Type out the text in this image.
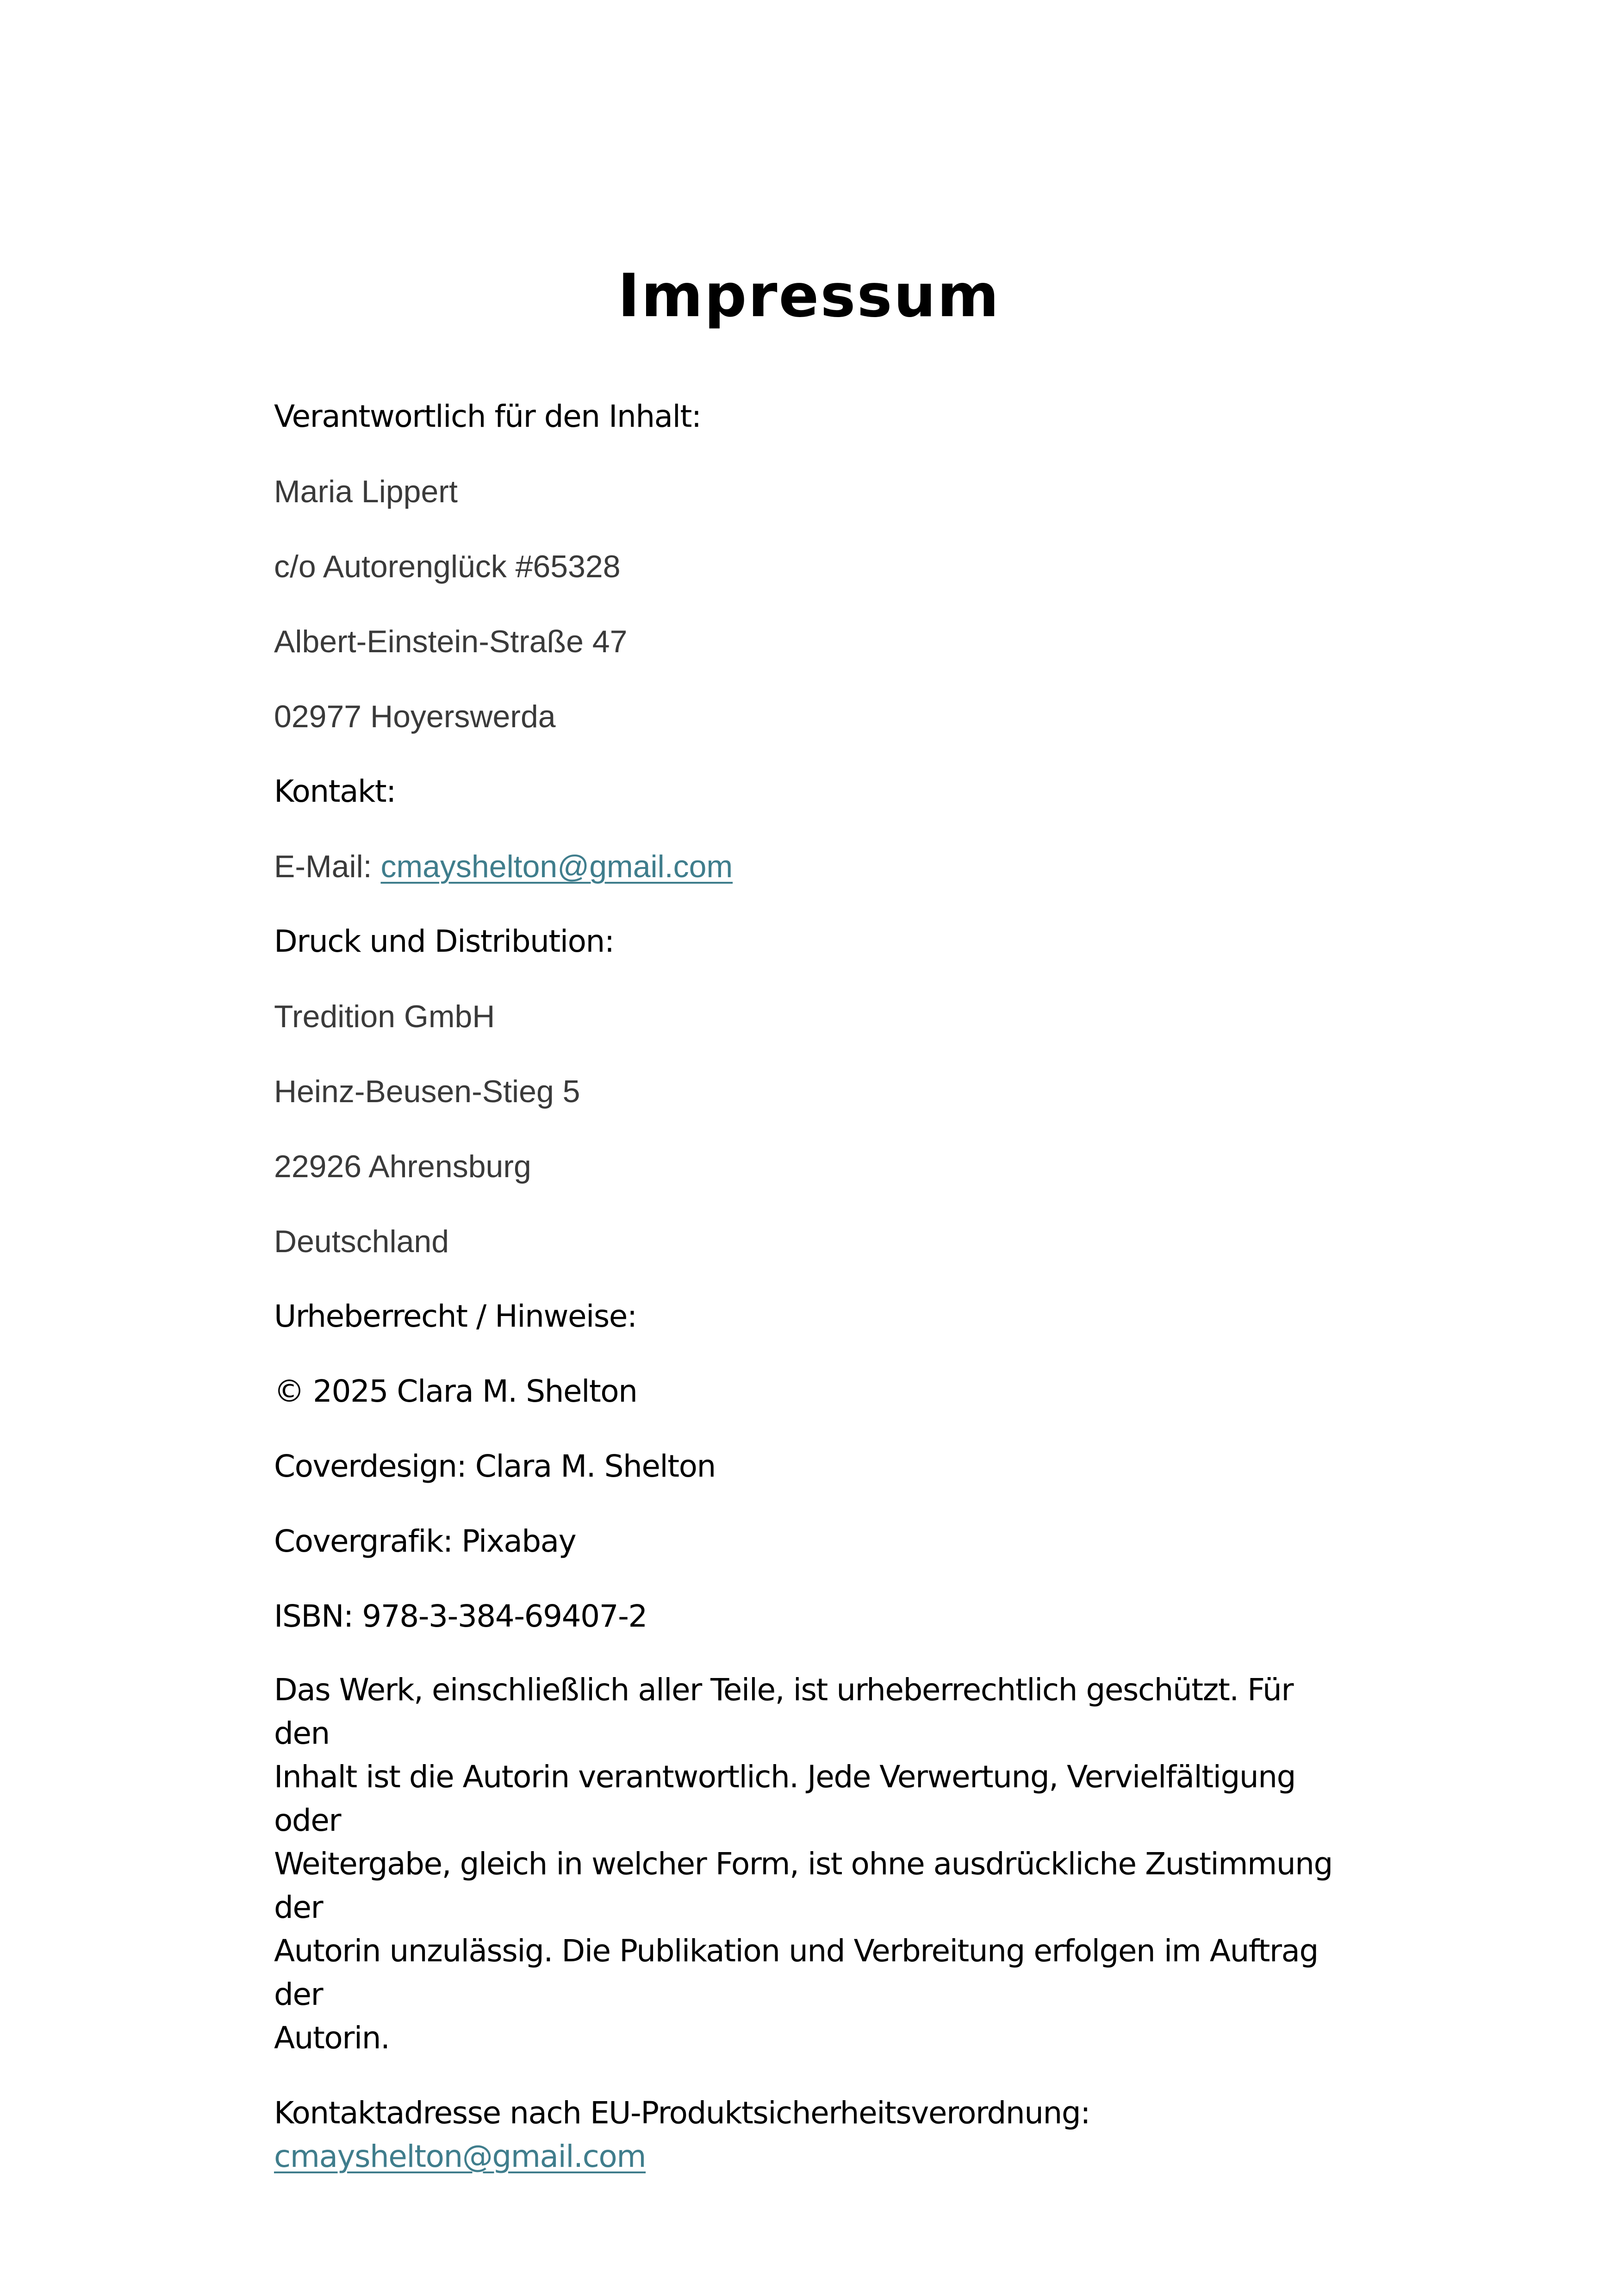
Impressum

Verantwortlich für den Inhalt:

Maria Lippert

c/o Autorenglück #65328

Albert-Einstein-Straße 47

02977 Hoyerswerda

Kontakt:

E-Mail: cmayshelton@gmail.com

Druck und Distribution:

Tredition GmbH

Heinz-Beusen-Stieg 5

22926 Ahrensburg

Deutschland

Urheberrecht / Hinweise:

© 2025 Clara M. Shelton

Coverdesign: Clara M. Shelton

Covergrafik: Pixabay

ISBN: 978-3-384-69407-2

Das Werk, einschließlich aller Teile, ist urheberrechtlich geschützt. Für den

Inhalt ist die Autorin verantwortlich. Jede Verwertung, Vervielfältigung oder

Weitergabe, gleich in welcher Form, ist ohne ausdrückliche Zustimmung der

Autorin unzulässig. Die Publikation und Verbreitung erfolgen im Auftrag der

Autorin.

Kontaktadresse nach EU-Produktsicherheitsverordnung:

cmayshelton@gmail.com
